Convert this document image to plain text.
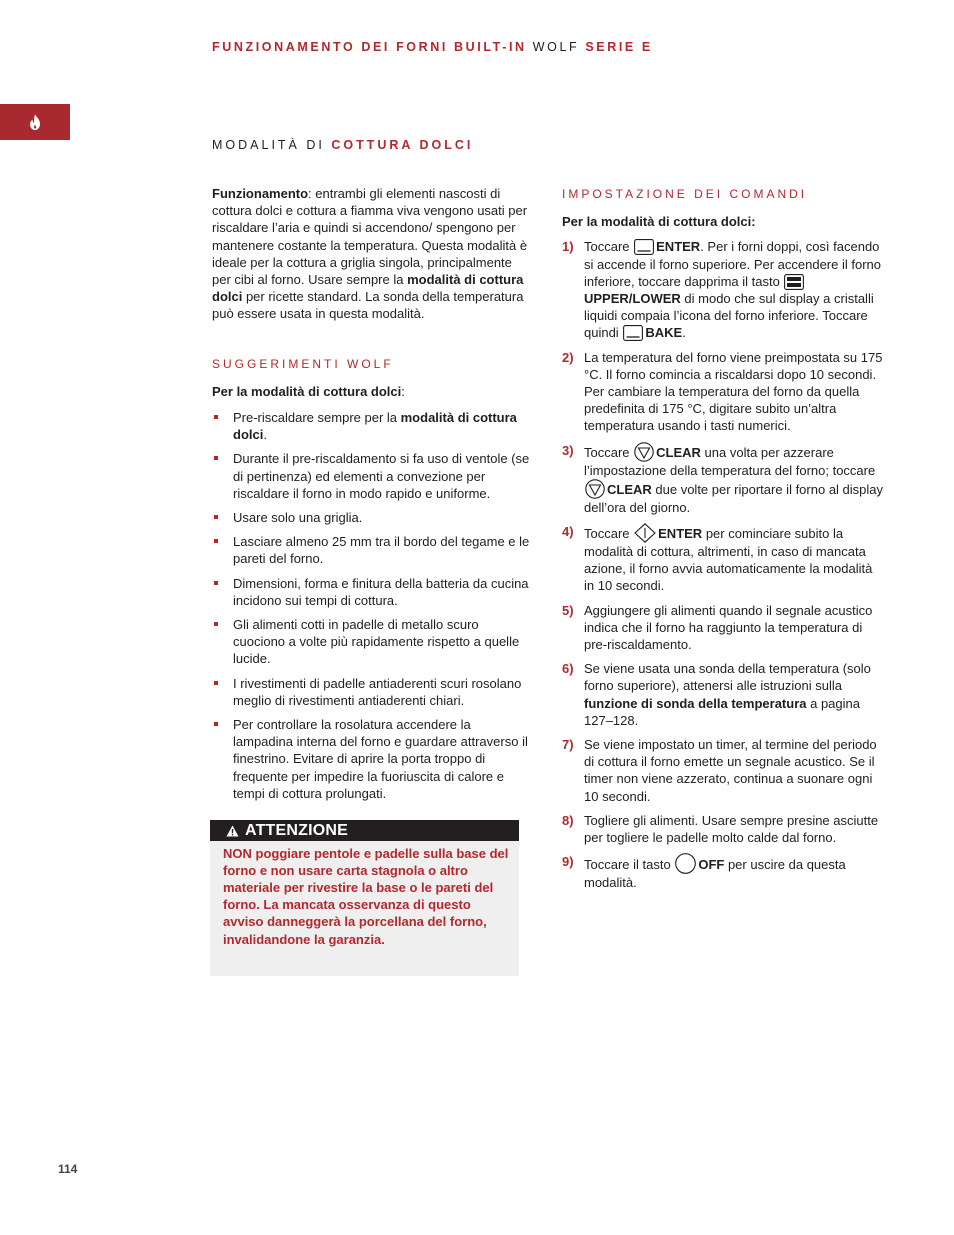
FUNZIONAMENTO DEI FORNI BUILT-IN WOLF SERIE E
MODALITÀ DI COTTURA DOLCI

Funzionamento: entrambi gli elementi nascosti di cottura dolci e cottura a fiamma viva vengono usati per riscaldare l’aria e quindi si accendono/ spengono per mantenere costante la temperatura. Questa modalità è ideale per la cottura a griglia singola, principalmente per cibi al forno. Usare sempre la modalità di cottura dolci per ricette standard. La sonda della temperatura può essere usata in questa modalità.

SUGGERIMENTI WOLF

Per la modalità di cottura dolci:

Pre-riscaldare sempre per la modalità di cottura dolci.
Durante il pre-riscaldamento si fa uso di ventole (se di pertinenza) ed elementi a convezione per riscaldare il forno in modo rapido e uniforme.
Usare solo una griglia.
Lasciare almeno 25 mm tra il bordo del tegame e le pareti del forno.
Dimensioni, forma e finitura della batteria da cucina incidono sui tempi di cottura.
Gli alimenti cotti in padelle di metallo scuro cuociono a volte più rapidamente rispetto a quelle lucide.
I rivestimenti di padelle antiaderenti scuri rosolano meglio di rivestimenti antiaderenti chiari.
Per controllare la rosolatura accendere la lampadina interna del forno e guardare attraverso il finestrino. Evitare di aprire la porta troppo di frequente per impedire la fuoriuscita di calore e tempi di cottura prolungati.
ATTENZIONE
NON poggiare pentole e padelle sulla base del forno e non usare carta stagnola o altro materiale per rivestire la base o le pareti del forno. La mancata osservanza di questo avviso danneggerà la porcellana del forno, invalidandone la garanzia.

IMPOSTAZIONE DEI COMANDI

Per la modalità di cottura dolci:

1) Toccare ENTER. Per i forni doppi, così facendo si accende il forno superiore. Per accendere il forno inferiore, toccare dapprima il tasto UPPER/LOWER di modo che sul display a cristalli liquidi compaia l’icona del forno inferiore. Toccare quindi BAKE.
2) La temperatura del forno viene preimpostata su 175 °C. Il forno comincia a riscaldarsi dopo 10 secondi. Per cambiare la temperatura del forno da quella predefinita di 175 °C, digitare subito un’altra temperatura usando i tasti numerici.
3) Toccare CLEAR una volta per azzerare l’impostazione della temperatura del forno; toccare CLEAR due volte per riportare il forno al display dell’ora del giorno.
4) Toccare ENTER per cominciare subito la modalità di cottura, altrimenti, in caso di mancata azione, il forno avvia automaticamente la modalità in 10 secondi.
5) Aggiungere gli alimenti quando il segnale acustico indica che il forno ha raggiunto la temperatura di pre-riscaldamento.
6) Se viene usata una sonda della temperatura (solo forno superiore), attenersi alle istruzioni sulla funzione di sonda della temperatura a pagina 127–128.
7) Se viene impostato un timer, al termine del periodo di cottura il forno emette un segnale acustico. Se il timer non viene azzerato, continua a suonare ogni 10 secondi.
8) Togliere gli alimenti. Usare sempre presine asciutte per togliere le padelle molto calde dal forno.
9) Toccare il tasto OFF per uscire da questa modalità.
114
